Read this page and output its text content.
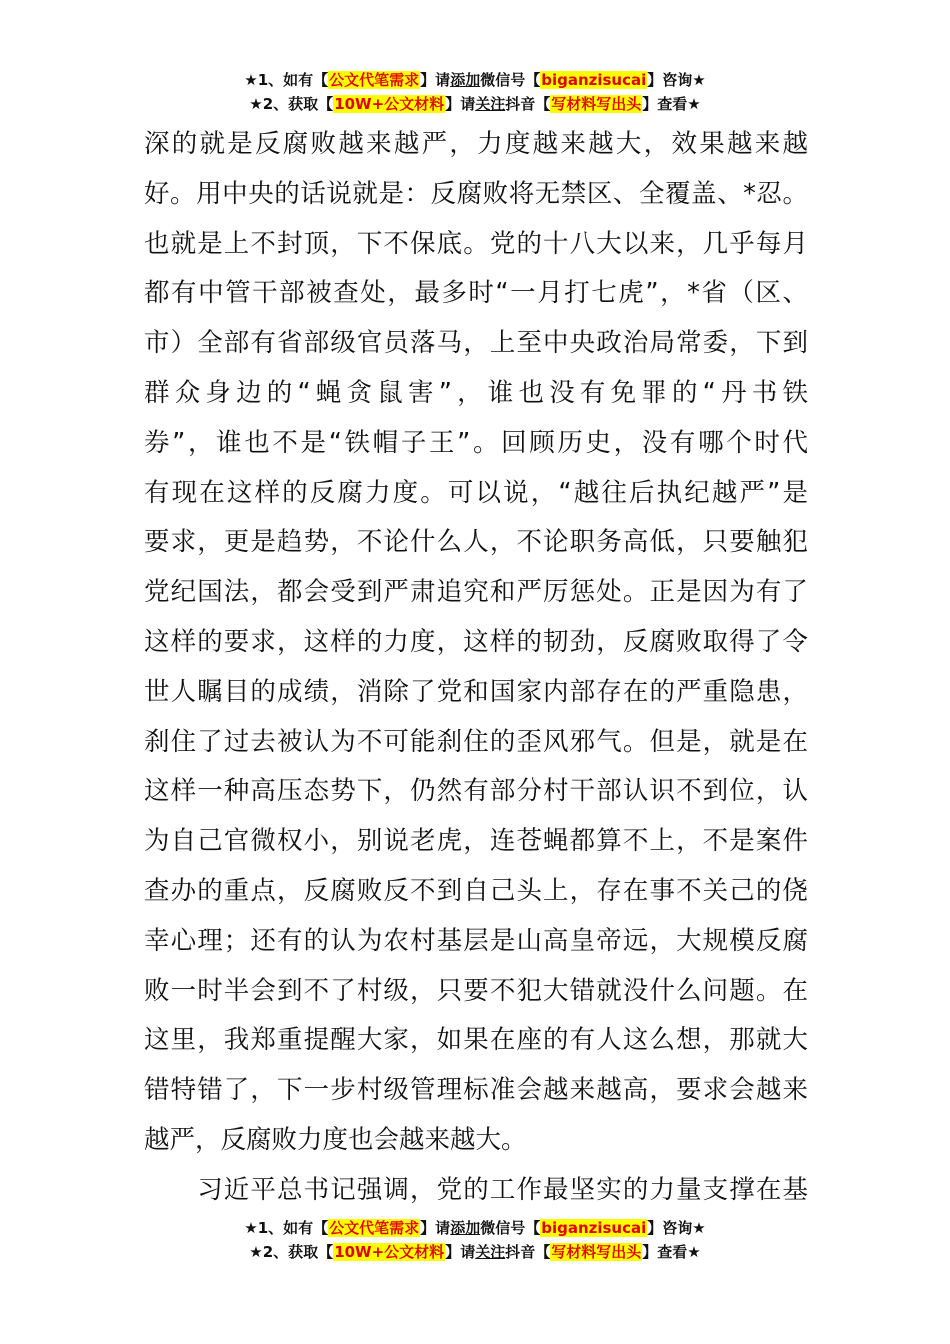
★1、如有【公文代笔需求】请添加微信号【biganzisucai】咨询★
★2、获取【10W+公文材料】请关注抖音【写材料写出头】查看★

深的就是反腐败越来越严，力度越来越大，效果越来越
好。用中央的话说就是：反腐败将无禁区、全覆盖、*忍。
也就是上不封顶，下不保底。党的十八大以来，几乎每月
都有中管干部被查处，最多时“一月打七虎”，*省（区、
市）全部有省部级官员落马，上至中央政治局常委，下到
群众身边的“蝇贪鼠害”，谁也没有免罪的“丹书铁
券”，谁也不是“铁帽子王”。回顾历史，没有哪个时代
有现在这样的反腐力度。可以说，“越往后执纪越严”是
要求，更是趋势，不论什么人，不论职务高低，只要触犯
党纪国法，都会受到严肃追究和严厉惩处。正是因为有了
这样的要求，这样的力度，这样的韧劲，反腐败取得了令
世人瞩目的成绩，消除了党和国家内部存在的严重隐患，
刹住了过去被认为不可能刹住的歪风邪气。但是，就是在
这样一种高压态势下，仍然有部分村干部认识不到位，认
为自己官微权小，别说老虎，连苍蝇都算不上，不是案件
查办的重点，反腐败反不到自己头上，存在事不关己的侥
幸心理；还有的认为农村基层是山高皇帝远，大规模反腐
败一时半会到不了村级，只要不犯大错就没什么问题。在
这里，我郑重提醒大家，如果在座的有人这么想，那就大
错特错了，下一步村级管理标准会越来越高，要求会越来
越严，反腐败力度也会越来越大。

　　习近平总书记强调，党的工作最坚实的力量支撑在基

★1、如有【公文代笔需求】请添加微信号【biganzisucai】咨询★
★2、获取【10W+公文材料】请关注抖音【写材料写出头】查看★
